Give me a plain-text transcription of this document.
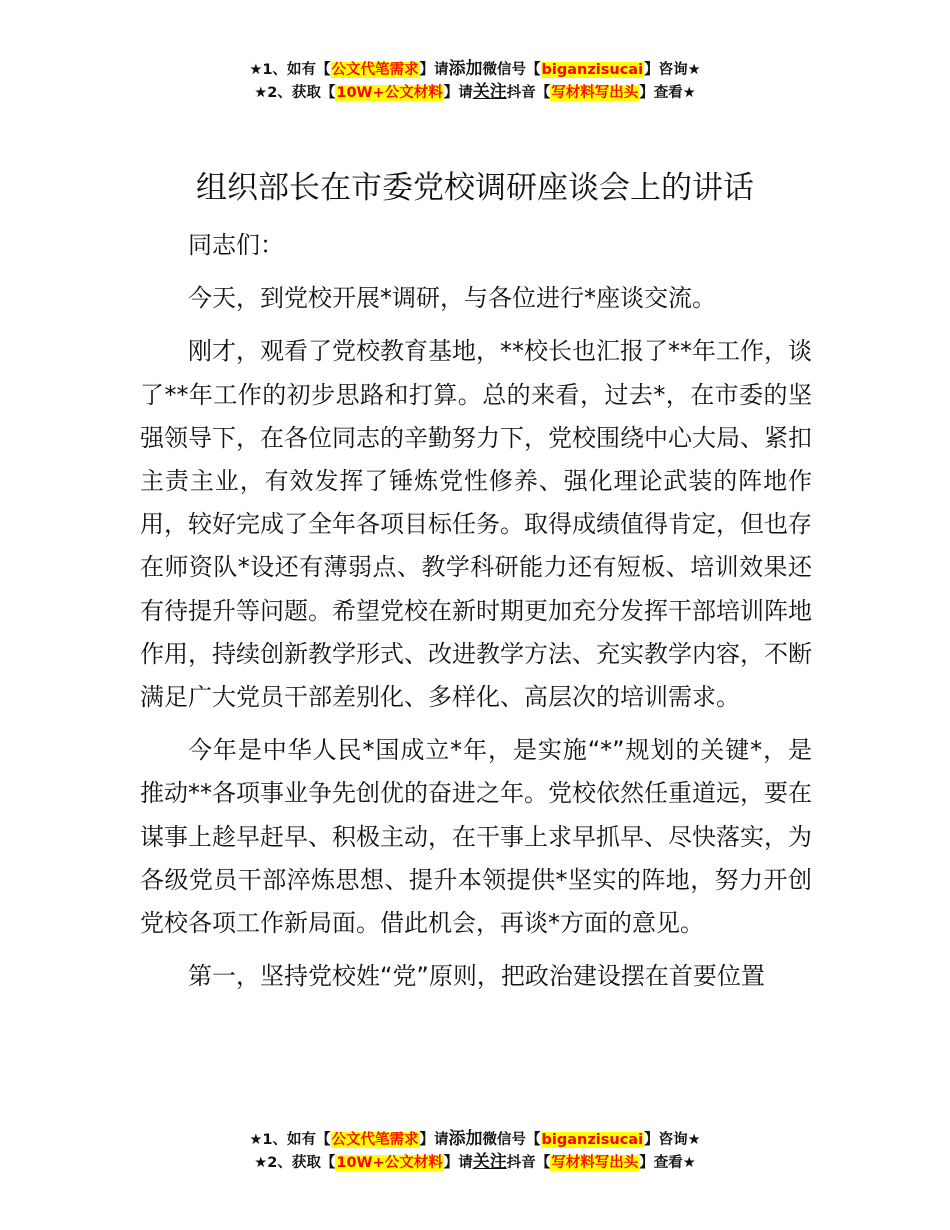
★1、如有【公文代笔需求】请添加微信号【biganzisucai】咨询★
★2、获取【10W+公文材料】请关注抖音【写材料写出头】查看★
组织部长在市委党校调研座谈会上的讲话

同志们：

今天，到党校开展*调研，与各位进行*座谈交流。

刚才，观看了党校教育基地，**校长也汇报了**年工作，谈了**年工作的初步思路和打算。总的来看，过去*，在市委的坚强领导下，在各位同志的辛勤努力下，党校围绕中心大局、紧扣主责主业，有效发挥了锤炼党性修养、强化理论武装的阵地作用，较好完成了全年各项目标任务。取得成绩值得肯定，但也存在师资队*设还有薄弱点、教学科研能力还有短板、培训效果还有待提升等问题。希望党校在新时期更加充分发挥干部培训阵地作用，持续创新教学形式、改进教学方法、充实教学内容，不断满足广大党员干部差别化、多样化、高层次的培训需求。

今年是中华人民*国成立*年，是实施“*”规划的关键*，是推动**各项事业争先创优的奋进之年。党校依然任重道远，要在谋事上趁早赶早、积极主动，在干事上求早抓早、尽快落实，为各级党员干部淬炼思想、提升本领提供*坚实的阵地，努力开创党校各项工作新局面。借此机会，再谈*方面的意见。

第一，坚持党校姓“党”原则，把政治建设摆在首要位置

★1、如有【公文代笔需求】请添加微信号【biganzisucai】咨询★
★2、获取【10W+公文材料】请关注抖音【写材料写出头】查看★
